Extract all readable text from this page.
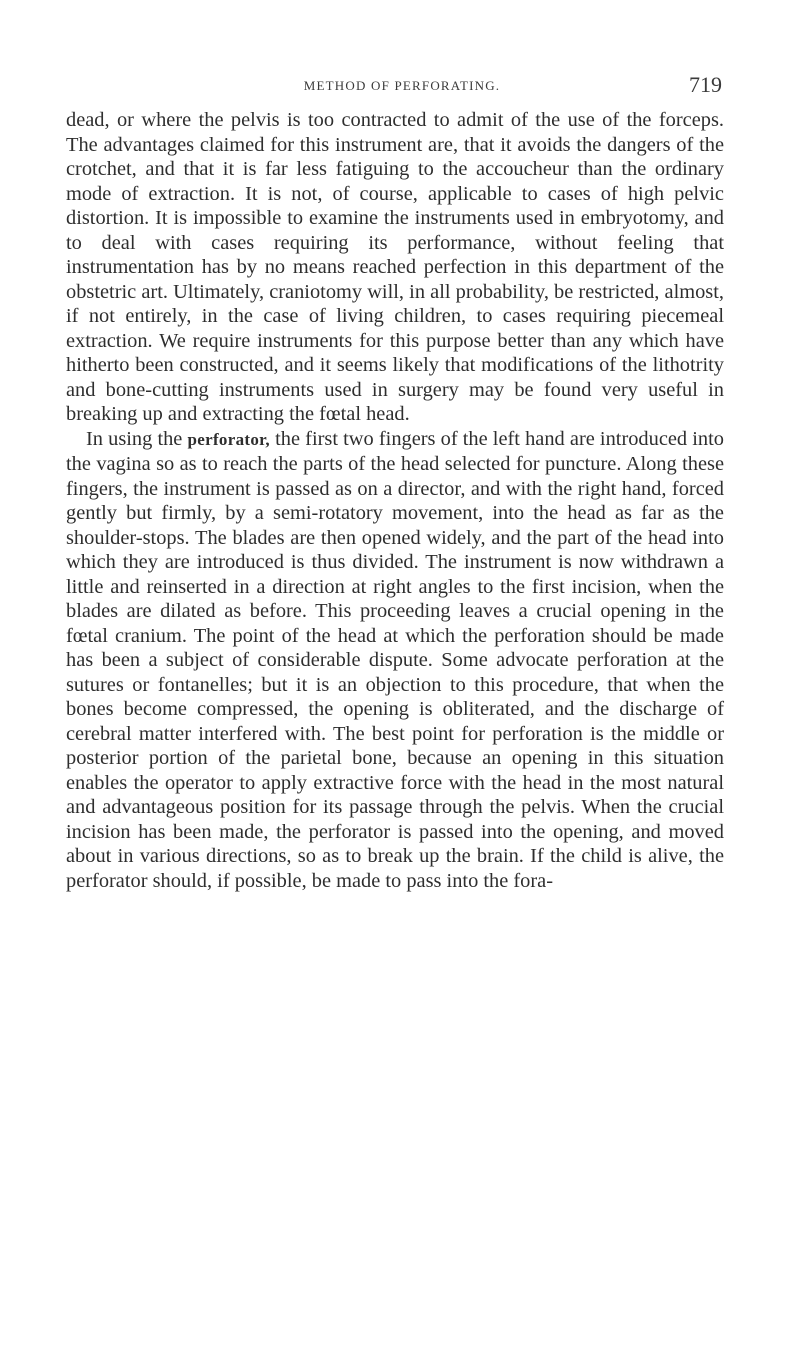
METHOD OF PERFORATING.	719

dead, or where the pelvis is too contracted to admit of the use of the forceps. The advantages claimed for this instrument are, that it avoids the dangers of the crotchet, and that it is far less fatiguing to the accoucheur than the ordinary mode of extraction. It is not, of course, applicable to cases of high pelvic distortion. It is impossible to examine the instruments used in embryotomy, and to deal with cases requiring its performance, without feeling that instrumentation has by no means reached perfection in this department of the obstetric art. Ultimately, craniotomy will, in all probability, be restricted, almost, if not entirely, in the case of living children, to cases requiring piecemeal extraction. We require instruments for this purpose better than any which have hitherto been constructed, and it seems likely that modifications of the lithotrity and bone-cutting instruments used in surgery may be found very useful in breaking up and extracting the fœtal head.

In using the perforator, the first two fingers of the left hand are introduced into the vagina so as to reach the parts of the head selected for puncture. Along these fingers, the instrument is passed as on a director, and with the right hand, forced gently but firmly, by a semi-rotatory movement, into the head as far as the shoulder-stops. The blades are then opened widely, and the part of the head into which they are introduced is thus divided. The instrument is now withdrawn a little and reinserted in a direction at right angles to the first incision, when the blades are dilated as before. This proceeding leaves a crucial opening in the fœtal cranium. The point of the head at which the perforation should be made has been a subject of considerable dispute. Some advocate perforation at the sutures or fontanelles; but it is an objection to this procedure, that when the bones become compressed, the opening is obliterated, and the discharge of cerebral matter interfered with. The best point for perforation is the middle or posterior portion of the parietal bone, because an opening in this situation enables the operator to apply extractive force with the head in the most natural and advantageous position for its passage through the pelvis. When the crucial incision has been made, the perforator is passed into the opening, and moved about in various directions, so as to break up the brain. If the child is alive, the perforator should, if possible, be made to pass into the fora-
